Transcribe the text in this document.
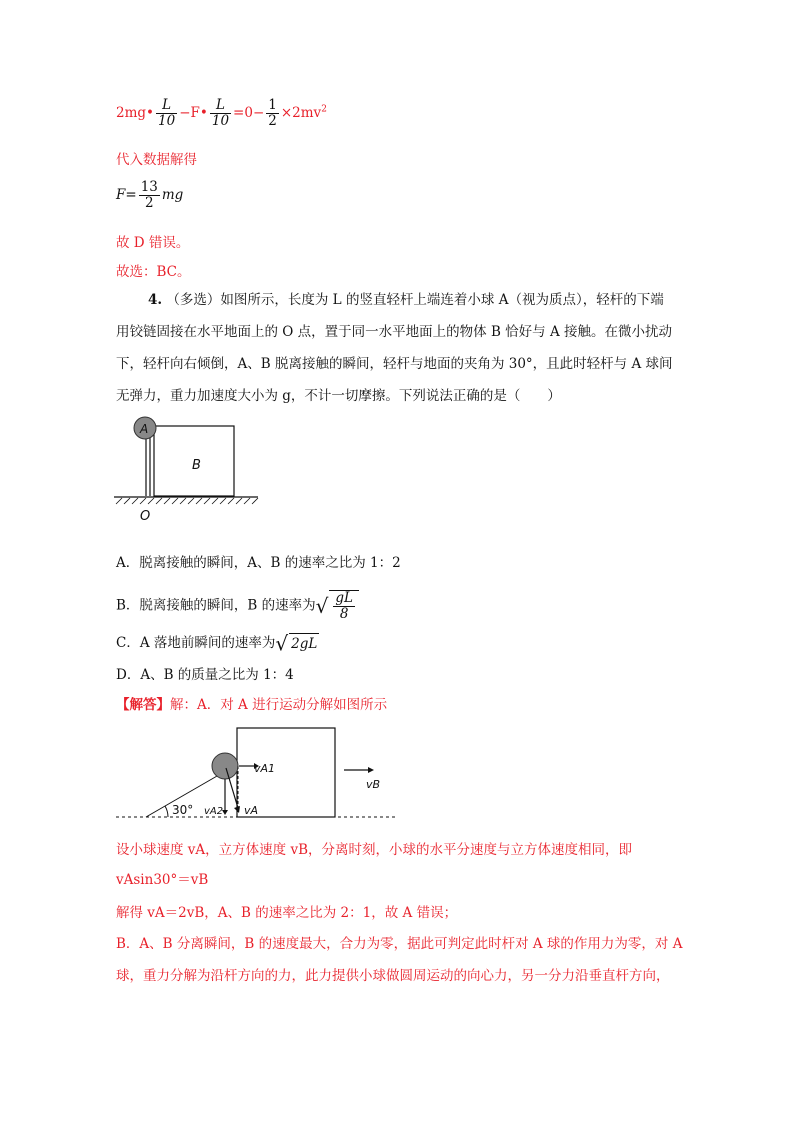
2mg• $\frac{L}{10}$ −F• $\frac{L}{10} =0- \frac{1}{2} \times 2mv^2$
代入数据解得
$F= \frac{13}{2}$ mg
故 D 错误。
故选：BC。
4. （多选）如图所示，长度为 L 的竖直轻杆上端连着小球 A（视为质点），轻杆的下端
用铰链固接在水平地面上的 O 点，置于同一水平地面上的物体 B 恰好与 A 接触。在微小扰动
下，轻杆向右倾倒，A、B 脱离接触的瞬间，轻杆与地面的夹角为 30°，且此时轻杆与 A 球间
无弹力，重力加速度大小为 g，不计一切摩擦。下列说法正确的是（　　）
A
B
O
A．脱离接触的瞬间，A、B 的速率之比为 1：2
B．脱离接触的瞬间，B 的速率为√ $\frac{gL}{8}$
C．A 落地前瞬间的速率为√ 2gL
D．A、B 的质量之比为 1：4
【解答】解：A．对 A 进行运动分解如图所示
30°
vA1
vA2 vA
vB
设小球速度 vA，立方体速度 vB，分离时刻，小球的水平分速度与立方体速度相同，即
vAsin30°＝vB
解得 vA＝2vB，A、B 的速率之比为 2：1，故 A 错误；
B．A、B 分离瞬间，B 的速度最大，合力为零，据此可判定此时杆对 A 球的作用力为零，对 A
球，重力分解为沿杆方向的力，此力提供小球做圆周运动的向心力，另一分力沿垂直杆方向，
